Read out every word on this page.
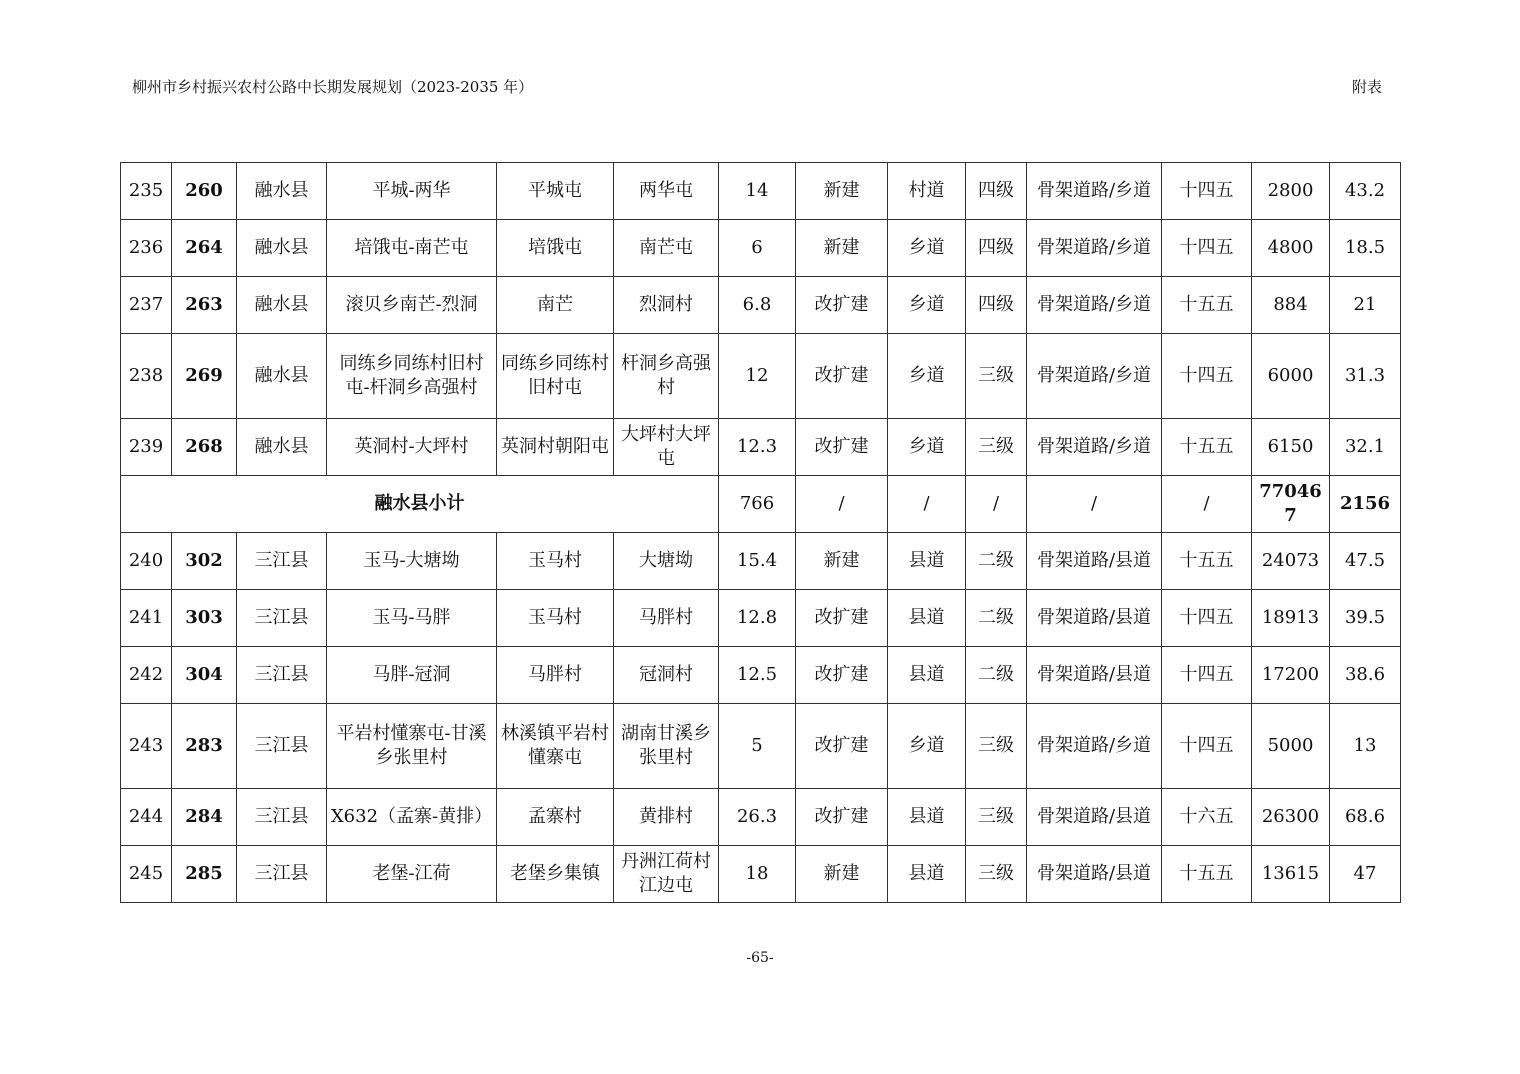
柳州市乡村振兴农村公路中长期发展规划（2023-2035 年）	附表
235	260	融水县	平城-两华	平城屯	两华屯	14	新建	村道	四级	骨架道路/乡道	十四五	2800	43.2
236	264	融水县	培饿屯-南芒屯	培饿屯	南芒屯	6	新建	乡道	四级	骨架道路/乡道	十四五	4800	18.5
237	263	融水县	滚贝乡南芒-烈洞	南芒	烈洞村	6.8	改扩建	乡道	四级	骨架道路/乡道	十五五	884	21
238	269	融水县	同练乡同练村旧村屯-杆洞乡高强村	同练乡同练村旧村屯	杆洞乡高强村	12	改扩建	乡道	三级	骨架道路/乡道	十四五	6000	31.3
239	268	融水县	英洞村-大坪村	英洞村朝阳屯	大坪村大坪屯	12.3	改扩建	乡道	三级	骨架道路/乡道	十五五	6150	32.1
融水县小计						766	/	/	/	/	/	770467	2156
240	302	三江县	玉马-大塘坳	玉马村	大塘坳	15.4	新建	县道	二级	骨架道路/县道	十五五	24073	47.5
241	303	三江县	玉马-马胖	玉马村	马胖村	12.8	改扩建	县道	二级	骨架道路/县道	十四五	18913	39.5
242	304	三江县	马胖-冠洞	马胖村	冠洞村	12.5	改扩建	县道	二级	骨架道路/县道	十四五	17200	38.6
243	283	三江县	平岩村懂寨屯-甘溪乡张里村	林溪镇平岩村懂寨屯	湖南甘溪乡张里村	5	改扩建	乡道	三级	骨架道路/乡道	十四五	5000	13
244	284	三江县	X632（孟寨-黄排）	孟寨村	黄排村	26.3	改扩建	县道	三级	骨架道路/县道	十六五	26300	68.6
245	285	三江县	老堡-江荷	老堡乡集镇	丹洲江荷村江边屯	18	新建	县道	三级	骨架道路/县道	十五五	13615	47
-65-
